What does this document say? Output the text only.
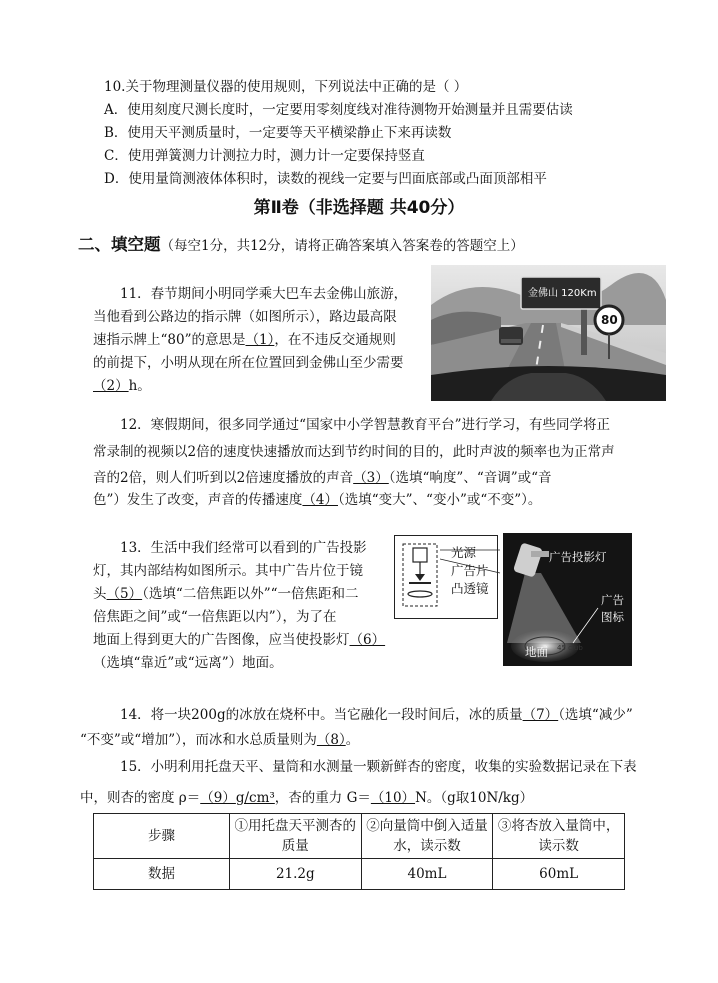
10.关于物理测量仪器的使用规则，下列说法中正确的是（ ）
A．使用刻度尺测长度时，一定要用零刻度线对准待测物开始测量并且需要估读
B．使用天平测质量时，一定要等天平横梁静止下来再读数
C．使用弹簧测力计测拉力时，测力计一定要保持竖直
D．使用量筒测液体体积时，读数的视线一定要与凹面底部或凸面顶部相平
第Ⅱ卷（非选择题 共40分）
二、填空题（每空1分，共12分，请将正确答案填入答案卷的答题空上）
11．春节期间小明同学乘大巴车去金佛山旅游，
当他看到公路边的指示牌（如图所示），路边最高限
速指示牌上“80”的意思是（1），在不违反交通规则
的前提下，小明从现在所在位置回到金佛山至少需要
（2）h。
金佛山 120Km
80
12．寒假期间，很多同学通过“国家中小学智慧教育平台”进行学习，有些同学将正
常录制的视频以2倍的速度快速播放而达到节约时间的目的，此时声波的频率也为正常声
音的2倍，则人们听到以2倍速度播放的声音（3）（选填“响度”、“音调”或“音
色”）发生了改变，声音的传播速度（4）（选填“变大”、“变小”或“不变”）。
13．生活中我们经常可以看到的广告投影
灯，其内部结构如图所示。其中广告片位于镜
头（5）（选填“二倍焦距以外”“一倍焦距和二
倍焦距之间”或“一倍焦距以内”），为了在
地面上得到更大的广告图像，应当使投影灯（6）
（选填“靠近”或“远离”）地面。
光源
广告片
凸透镜
广告投影灯
广告
图标
地面 45 club
14．将一块200g的冰放在烧杯中。当它融化一段时间后，冰的质量（7）（选填“减少”
“不变”或“增加”），而冰和水总质量则为（8）。
15．小明利用托盘天平、量筒和水测量一颗新鲜杏的密度，收集的实验数据记录在下表
中，则杏的密度 ρ＝（9）g/cm³，杏的重力 G＝（10）N。（g取10N/kg）
步骤	①用托盘天平测杏的质量	②向量筒中倒入适量水，读示数	③将杏放入量筒中，读示数
数据	21.2g	40mL	60mL
